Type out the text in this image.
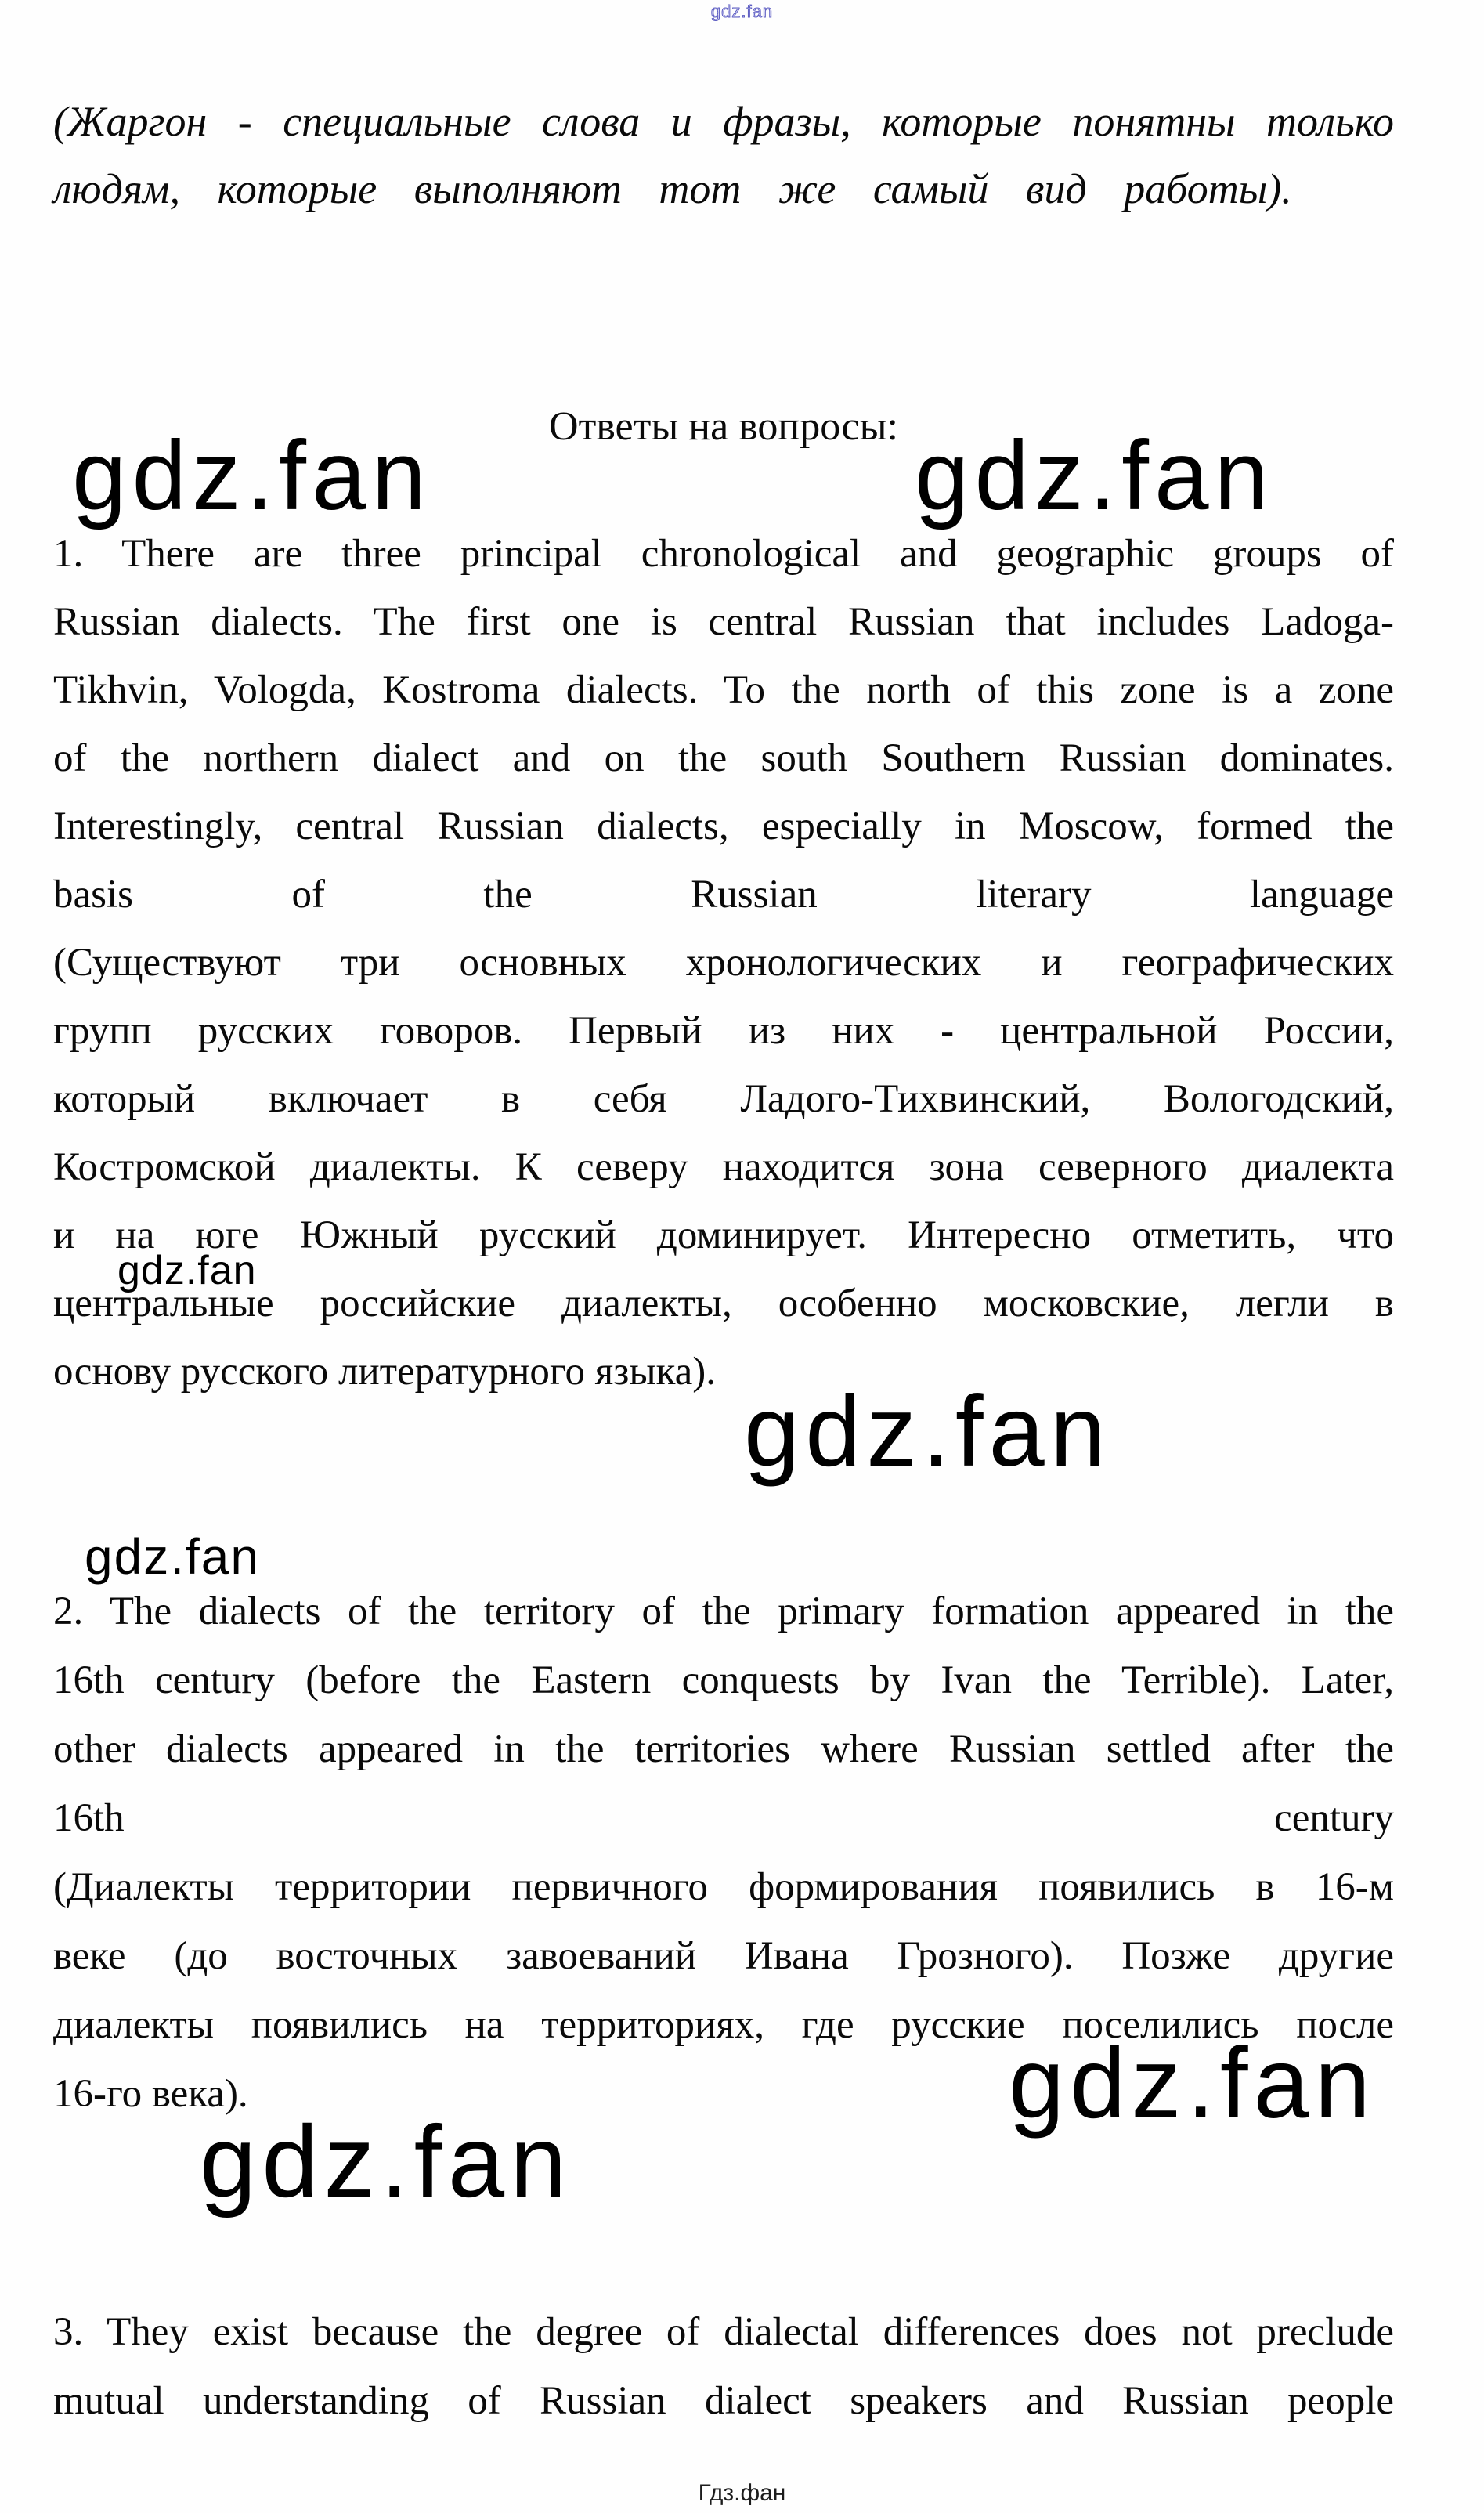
gdz.fan
(Жаргон - специальные слова и фразы, которые понятны только
людям, которые выполняют тот же самый вид работы).
Ответы на вопросы:
gdz.fan	gdz.fan
1. There are three principal chronological and geographic groups of
Russian dialects. The first one is central Russian that includes Ladoga-
Tikhvin, Vologda, Kostroma dialects. To the north of this zone is a zone
of the northern dialect and on the south Southern Russian dominates.
Interestingly, central Russian dialects, especially in Moscow, formed the
basis of the Russian literary language
(Существуют три основных хронологических и географических
групп русских говоров. Первый из них - центральной России,
который включает в себя Ладого-Тихвинский, Вологодский,
Костромской диалекты. К северу находится зона северного диалекта
и на юге Южный русский доминирует. Интересно отметить, что
центральные российские диалекты, особенно московские, легли в
основу русского литературного языка).
gdz.fan
gdz.fan
gdz.fan
2. The dialects of the territory of the primary formation appeared in the
16th century (before the Eastern conquests by Ivan the Terrible). Later,
other dialects appeared in the territories where Russian settled after the
16th century
(Диалекты территории первичного формирования появились в 16-м
веке (до восточных завоеваний Ивана Грозного). Позже другие
диалекты появились на территориях, где русские поселились после
16-го века).	gdz.fan
gdz.fan
3. They exist because the degree of dialectal differences does not preclude
mutual understanding of Russian dialect speakers and Russian people
Гдз.фан
